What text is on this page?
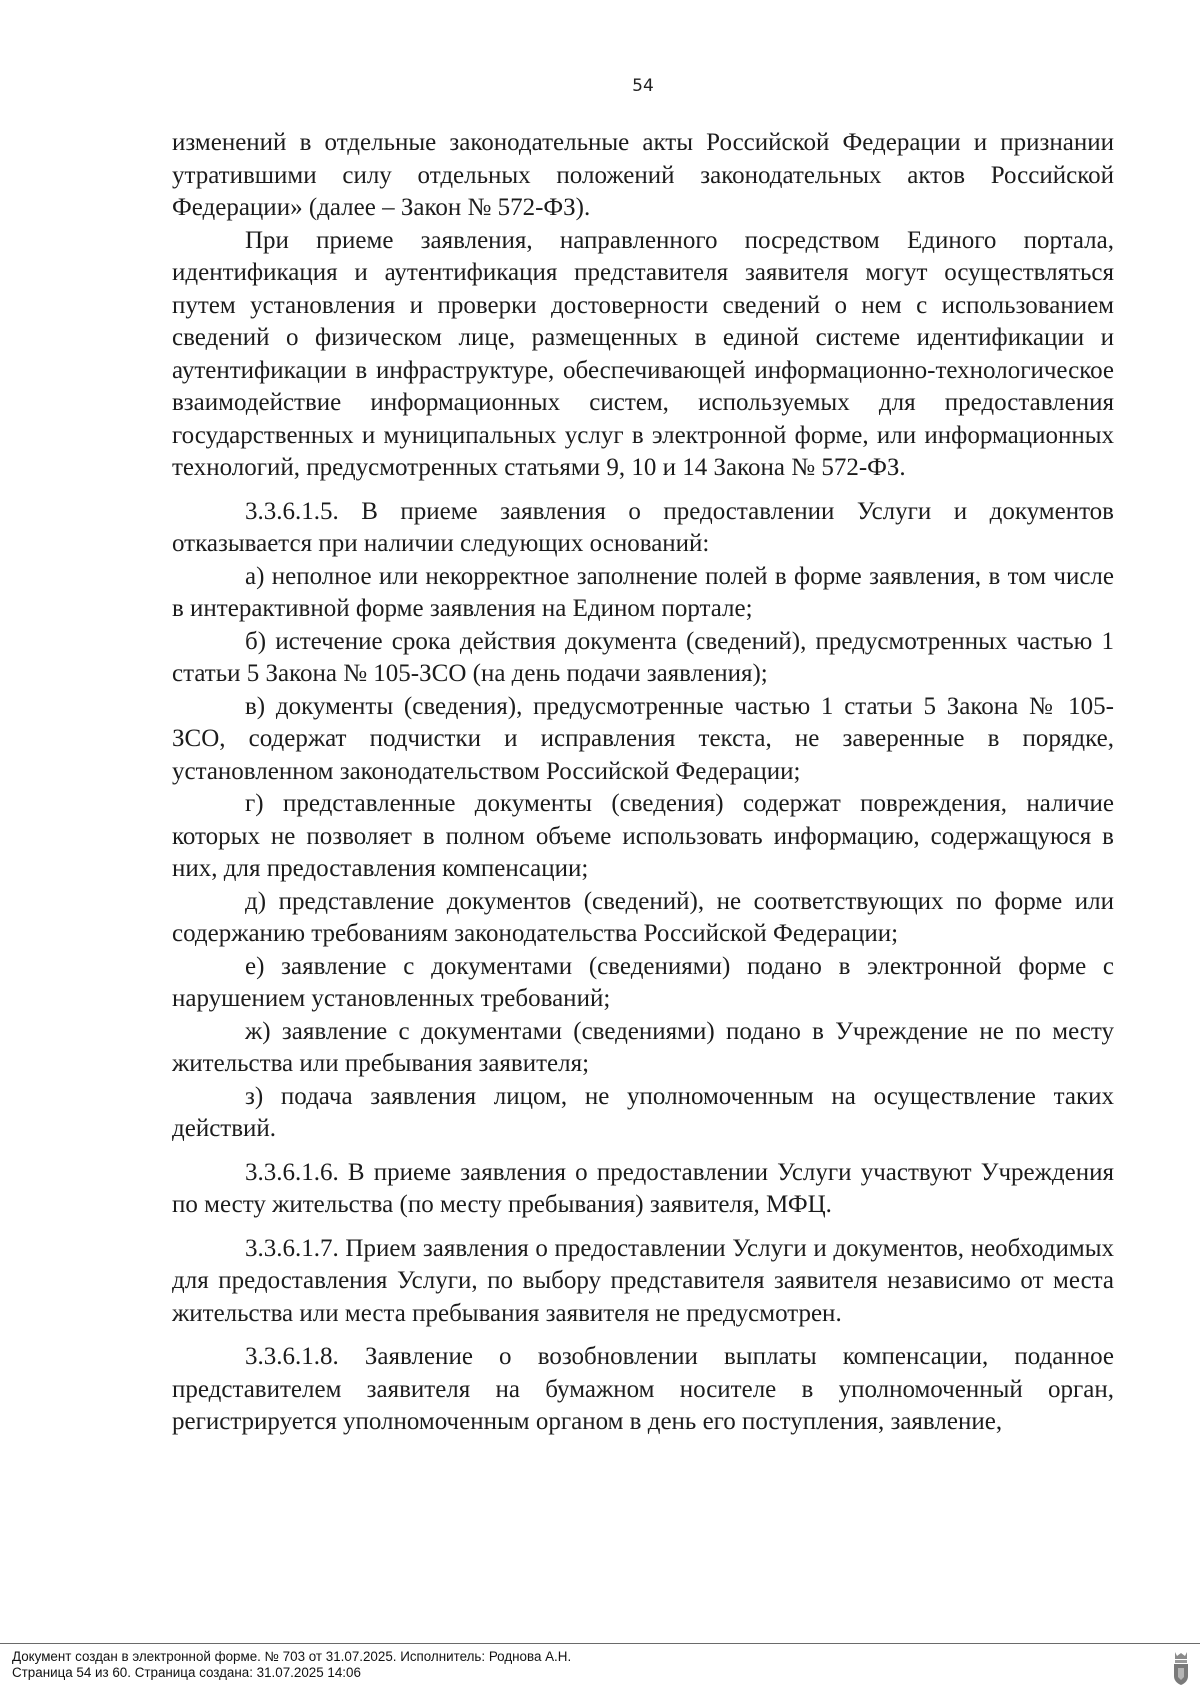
54

изменений в отдельные законодательные акты Российской Федерации и признании утратившими силу отдельных положений законодательных актов Российской Федерации» (далее – Закон № 572-ФЗ).

При приеме заявления, направленного посредством Единого портала, идентификация и аутентификация представителя заявителя могут осуществляться путем установления и проверки достоверности сведений о нем с использованием сведений о физическом лице, размещенных в единой системе идентификации и аутентификации в инфраструктуре, обеспечивающей информационно-технологическое взаимодействие информационных систем, используемых для предоставления государственных и муниципальных услуг в электронной форме, или информационных технологий, предусмотренных статьями 9, 10 и 14 Закона № 572-ФЗ.

3.3.6.1.5. В приеме заявления о предоставлении Услуги и документов отказывается при наличии следующих оснований:

а) неполное или некорректное заполнение полей в форме заявления, в том числе в интерактивной форме заявления на Едином портале;

б) истечение срока действия документа (сведений), предусмотренных частью 1 статьи 5 Закона № 105-ЗСО (на день подачи заявления);

в) документы (сведения), предусмотренные частью 1 статьи 5 Закона № 105-ЗСО, содержат подчистки и исправления текста, не заверенные в порядке, установленном законодательством Российской Федерации;

г) представленные документы (сведения) содержат повреждения, наличие которых не позволяет в полном объеме использовать информацию, содержащуюся в них, для предоставления компенсации;

д) представление документов (сведений), не соответствующих по форме или содержанию требованиям законодательства Российской Федерации;

е) заявление с документами (сведениями) подано в электронной форме с нарушением установленных требований;

ж) заявление с документами (сведениями) подано в Учреждение не по месту жительства или пребывания заявителя;

з) подача заявления лицом, не уполномоченным на осуществление таких действий.

3.3.6.1.6. В приеме заявления о предоставлении Услуги участвуют Учреждения по месту жительства (по месту пребывания) заявителя, МФЦ.

3.3.6.1.7. Прием заявления о предоставлении Услуги и документов, необходимых для предоставления Услуги, по выбору представителя заявителя независимо от места жительства или места пребывания заявителя не предусмотрен.

3.3.6.1.8. Заявление о возобновлении выплаты компенсации, поданное представителем заявителя на бумажном носителе в уполномоченный орган, регистрируется уполномоченным органом в день его поступления, заявление,

Документ создан в электронной форме. № 703 от 31.07.2025. Исполнитель: Роднова А.Н.
Страница 54 из 60. Страница создана: 31.07.2025 14:06
